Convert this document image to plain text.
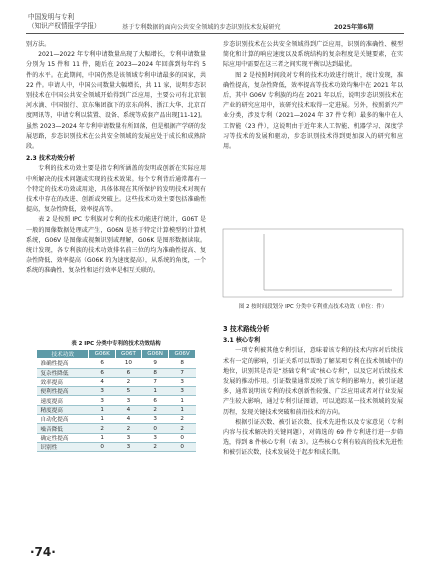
中国发明与专利
（知识产权情报学学报）	基于专利数据的面向公共安全领域的步态识别技术发展研究	2025年第6期

别方法。

2021—2022 年专利申请数量出现了大幅增长，专利申请数量分别为 15 件和 11 件，随后在 2023—2024 年回落到每年约 5 件的水平。在此期间，中国仍然是该领域专利申请最多的国家，共 22 件。申请人中，中国公司数量大幅增长，共 11 家，说明步态识别技术在中国公共安全领域开始得到广泛应用，主要公司有北京银河水滴、中国银行、京东集团旗下的京东尚科、浙江大华、北京百度网讯等，申请专利以装置、设备、系统等成套产品出现[11-12]。虽然 2023—2024 年专利申请数量有所回落，但是根据产学研的发展思路，步态识别技术在公共安全领域的发展应处于成长和成熟阶段。

2.3 技术功效分析

专利的技术功效主要是指专利所涵盖的发明或创新在实际应用中所解决的技术问题或实现的技术效果。每个专利背后通常都有一个特定的技术功效或用途，具体体现在其所保护的发明技术对现有技术中存在的改进、创新或突破上。这些技术功效主要包括准确性提高，复杂性降低，效率提高等。

表 2 是按照 IPC 专利族对专利的技术功能进行统计，G06T 是一般的图像数据处理或产生，G06N 是基于特定计算模型的计算机系统，G06V 是图像或视频识别或理解，G06K 是图形数据读取。统计发现，各专利族的技术功效排名前三位的均为准确性提高、复杂性降低、效率提高（G06K 的为速度提高），从系统的角度，一个系统的准确性、复杂性和运行效率是相互关联的。

表 2 IPC 分类中专利的技术功效结构
技术功效	G06K	G06T	G06N	G06V
准确性提高	6	10	9	8
复杂性降低	6	6	8	7
效率提高	4	2	7	3
便利性提高	3	5	1	3
速度提高	3	3	6	1
精度提高	1	4	2	1
自动化提高	1	4	3	2
噪音降低	2	2	0	2
确定性提高	1	3	3	0
识别性	0	3	2	0

步态识别技术在公共安全领域得到广泛应用，识别的准确性、模型简化和计算的响应速度以及系统结构的复杂程度是关键要素，在实际应用中需要在这三者之间实现平衡以达到最优。

图 2 是按照时间段对专利的技术功效进行统计，统计发现，准确性提高，复杂性降低，效率提高等技术功效均集中在 2021 年以后，其中 G06V 专利族的均在 2021 年以后，说明步态识别技术在产业的研究应用中，该研究技术取得一定进展。另外，按照新兴产业分类，涉及专利（2021—2024 年 37 件专利）最多的集中在人工智能（23 件），这说明由于近年来人工智能、机器学习、深度学习等技术的发展和驱动，步态识别技术得到更加深入的研究和应用。

图 2 按时间段划分 IPC 分类中专利重点技术功效（单位：件）

3 技术路线分析

3.1 核心专利

一项专利被其他专利引证，意味着该专利的技术内容对后续技术有一定的影响，引证关系可以帮助了解某项专利在技术领域中的地位，识别其是否是“基础专利”或“核心专利”，以及它对后续技术发展的推动作用。引证数量通常反映了该专利的影响力，被引证越多，通常说明该专利的技术创新性较强、广泛应用或者对行业发展产生较大影响，通过专利引证图谱，可以追踪某一技术领域的发展历程，发现关键技术突破和前沿技术的方向。

根据引证次数、被引证次数、技术先进性以及专家意见（专利内容与技术解决的关键问题），对筛选的 69 件专利进行进一步筛选，得到 8 件核心专利（表 3）。这些核心专利有较高的技术先进性和被引证次数，技术发展处于起步和成长期。

·74·
